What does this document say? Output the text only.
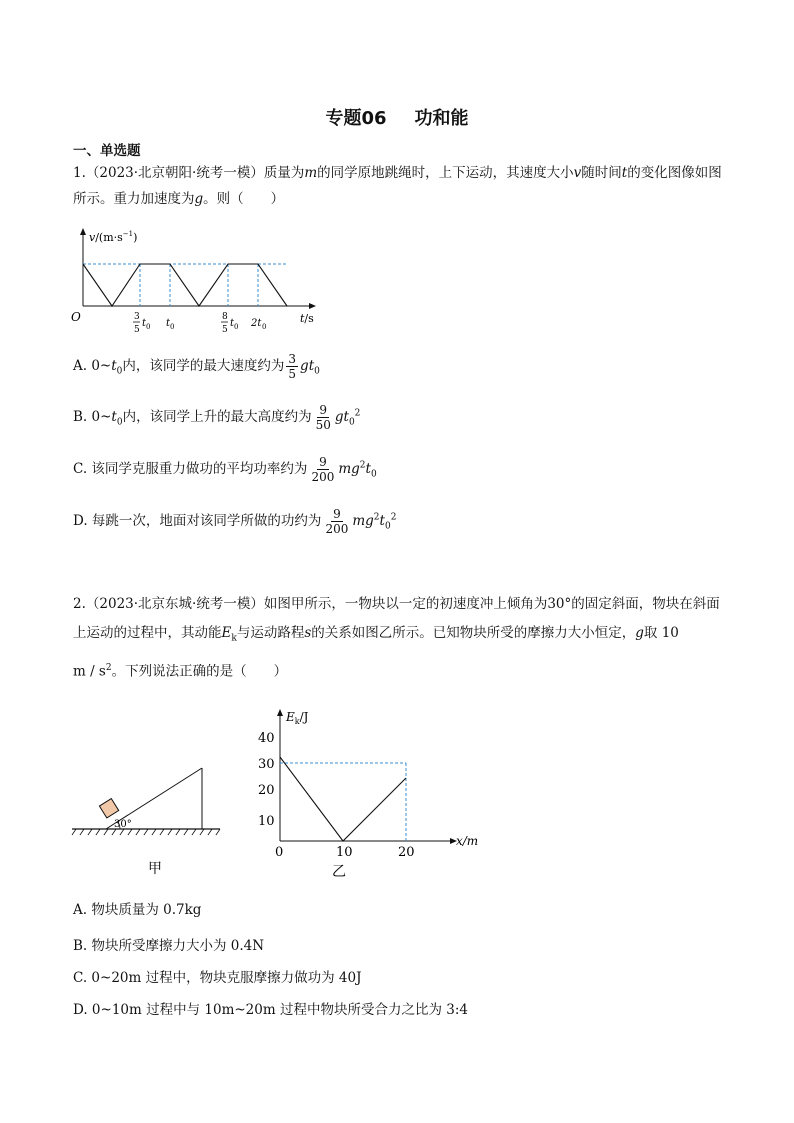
专题06 功和能
一、单选题
1.（2023·北京朝阳·统考一模）质量为m的同学原地跳绳时，上下运动，其速度大小v随时间t的变化图像如图所示。重力加速度为g。则（　　）
$v/(m\cdot s^{-1})$
O	t/s
3
5
t 0 t 0
8
5
t 0 2t 0
A. $0\sim t_0$内，该同学的最大速度约为 $\frac{3}{5} gt_0$
B. $0\sim t_0$内，该同学上升的最大高度约为 $\frac{9}{50} gt_0^2$
C. 该同学克服重力做功的平均功率约为 $\frac{9}{200} mg^2t_0$
D. 每跳一次，地面对该同学所做的功约为 $\frac{9}{200} mg^2t_0^2$
2.（2023·北京东城·统考一模）如图甲所示，一物块以一定的初速度冲上倾角为30°的固定斜面，物块在斜面上运动的过程中，其动能$E_k$与运动路程s的关系如图乙所示。已知物块所受的摩擦力大小恒定，g取 10
m / $s^2$。下列说法正确的是（　　）
30°
甲
$E_k/J$
40
30
20
10
0	10	20
x/m
乙
A. 物块质量为 0.7kg
B. 物块所受摩擦力大小为 0.4N
C. 0~20m 过程中，物块克服摩擦力做功为 40J
D. 0~10m 过程中与 10m~20m 过程中物块所受合力之比为 3:4
